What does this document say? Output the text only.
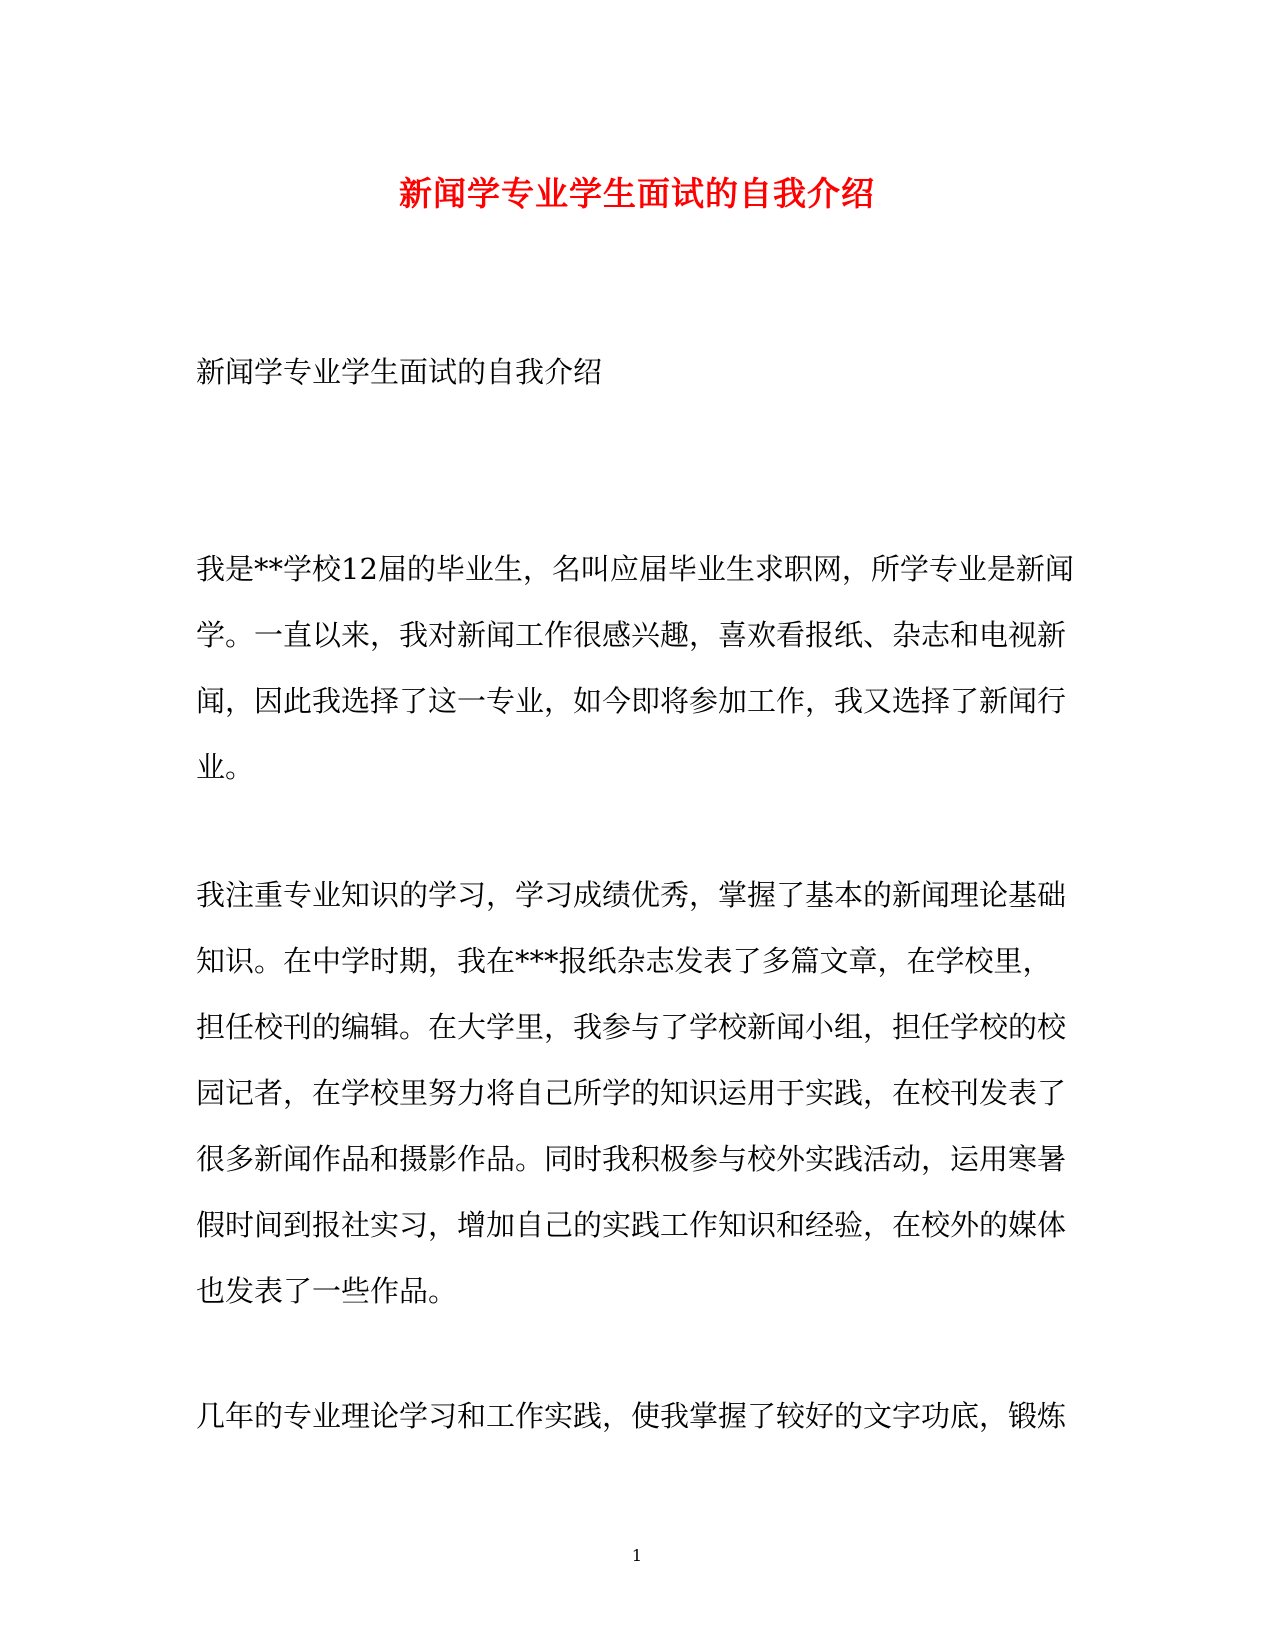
新闻学专业学生面试的自我介绍
新闻学专业学生面试的自我介绍
我是**学校12届的毕业生，名叫应届毕业生求职网，所学专业是新闻
学。一直以来，我对新闻工作很感兴趣，喜欢看报纸、杂志和电视新
闻，因此我选择了这一专业，如今即将参加工作，我又选择了新闻行
业。
我注重专业知识的学习，学习成绩优秀，掌握了基本的新闻理论基础
知识。在中学时期，我在***报纸杂志发表了多篇文章，在学校里，
担任校刊的编辑。在大学里，我参与了学校新闻小组，担任学校的校
园记者，在学校里努力将自己所学的知识运用于实践，在校刊发表了
很多新闻作品和摄影作品。同时我积极参与校外实践活动，运用寒暑
假时间到报社实习，增加自己的实践工作知识和经验，在校外的媒体
也发表了一些作品。
几年的专业理论学习和工作实践，使我掌握了较好的文字功底，锻炼
1
